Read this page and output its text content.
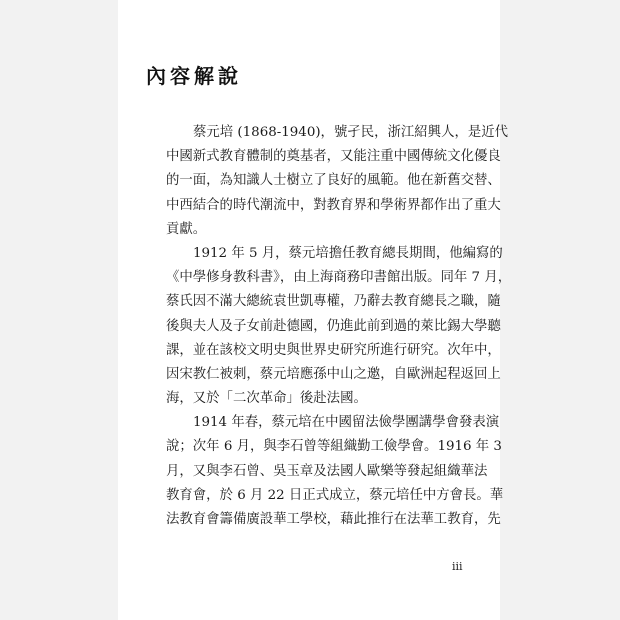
內容解說
蔡元培 (1868-1940)，號孑民，浙江紹興人，是近代
中國新式教育體制的奠基者，又能注重中國傳統文化優良
的一面，為知識人士樹立了良好的風範。他在新舊交替、
中西結合的時代潮流中，對教育界和學術界都作出了重大
貢獻。
1912 年 5 月，蔡元培擔任教育總長期間，他編寫的
《中學修身教科書》，由上海商務印書館出版。同年 7 月，
蔡氏因不滿大總統袁世凱專權，乃辭去教育總長之職，隨
後與夫人及子女前赴德國，仍進此前到過的萊比錫大學聽
課，並在該校文明史與世界史研究所進行研究。次年中，
因宋教仁被刺，蔡元培應孫中山之邀，自歐洲起程返回上
海，又於「二次革命」後赴法國。
1914 年春，蔡元培在中國留法儉學團講學會發表演
說；次年 6 月，與李石曾等組織勤工儉學會。1916 年 3
月，又與李石曾、吳玉章及法國人歐樂等發起組織華法
教育會，於 6 月 22 日正式成立，蔡元培任中方會長。華
法教育會籌備廣設華工學校，藉此推行在法華工教育，先
iii
